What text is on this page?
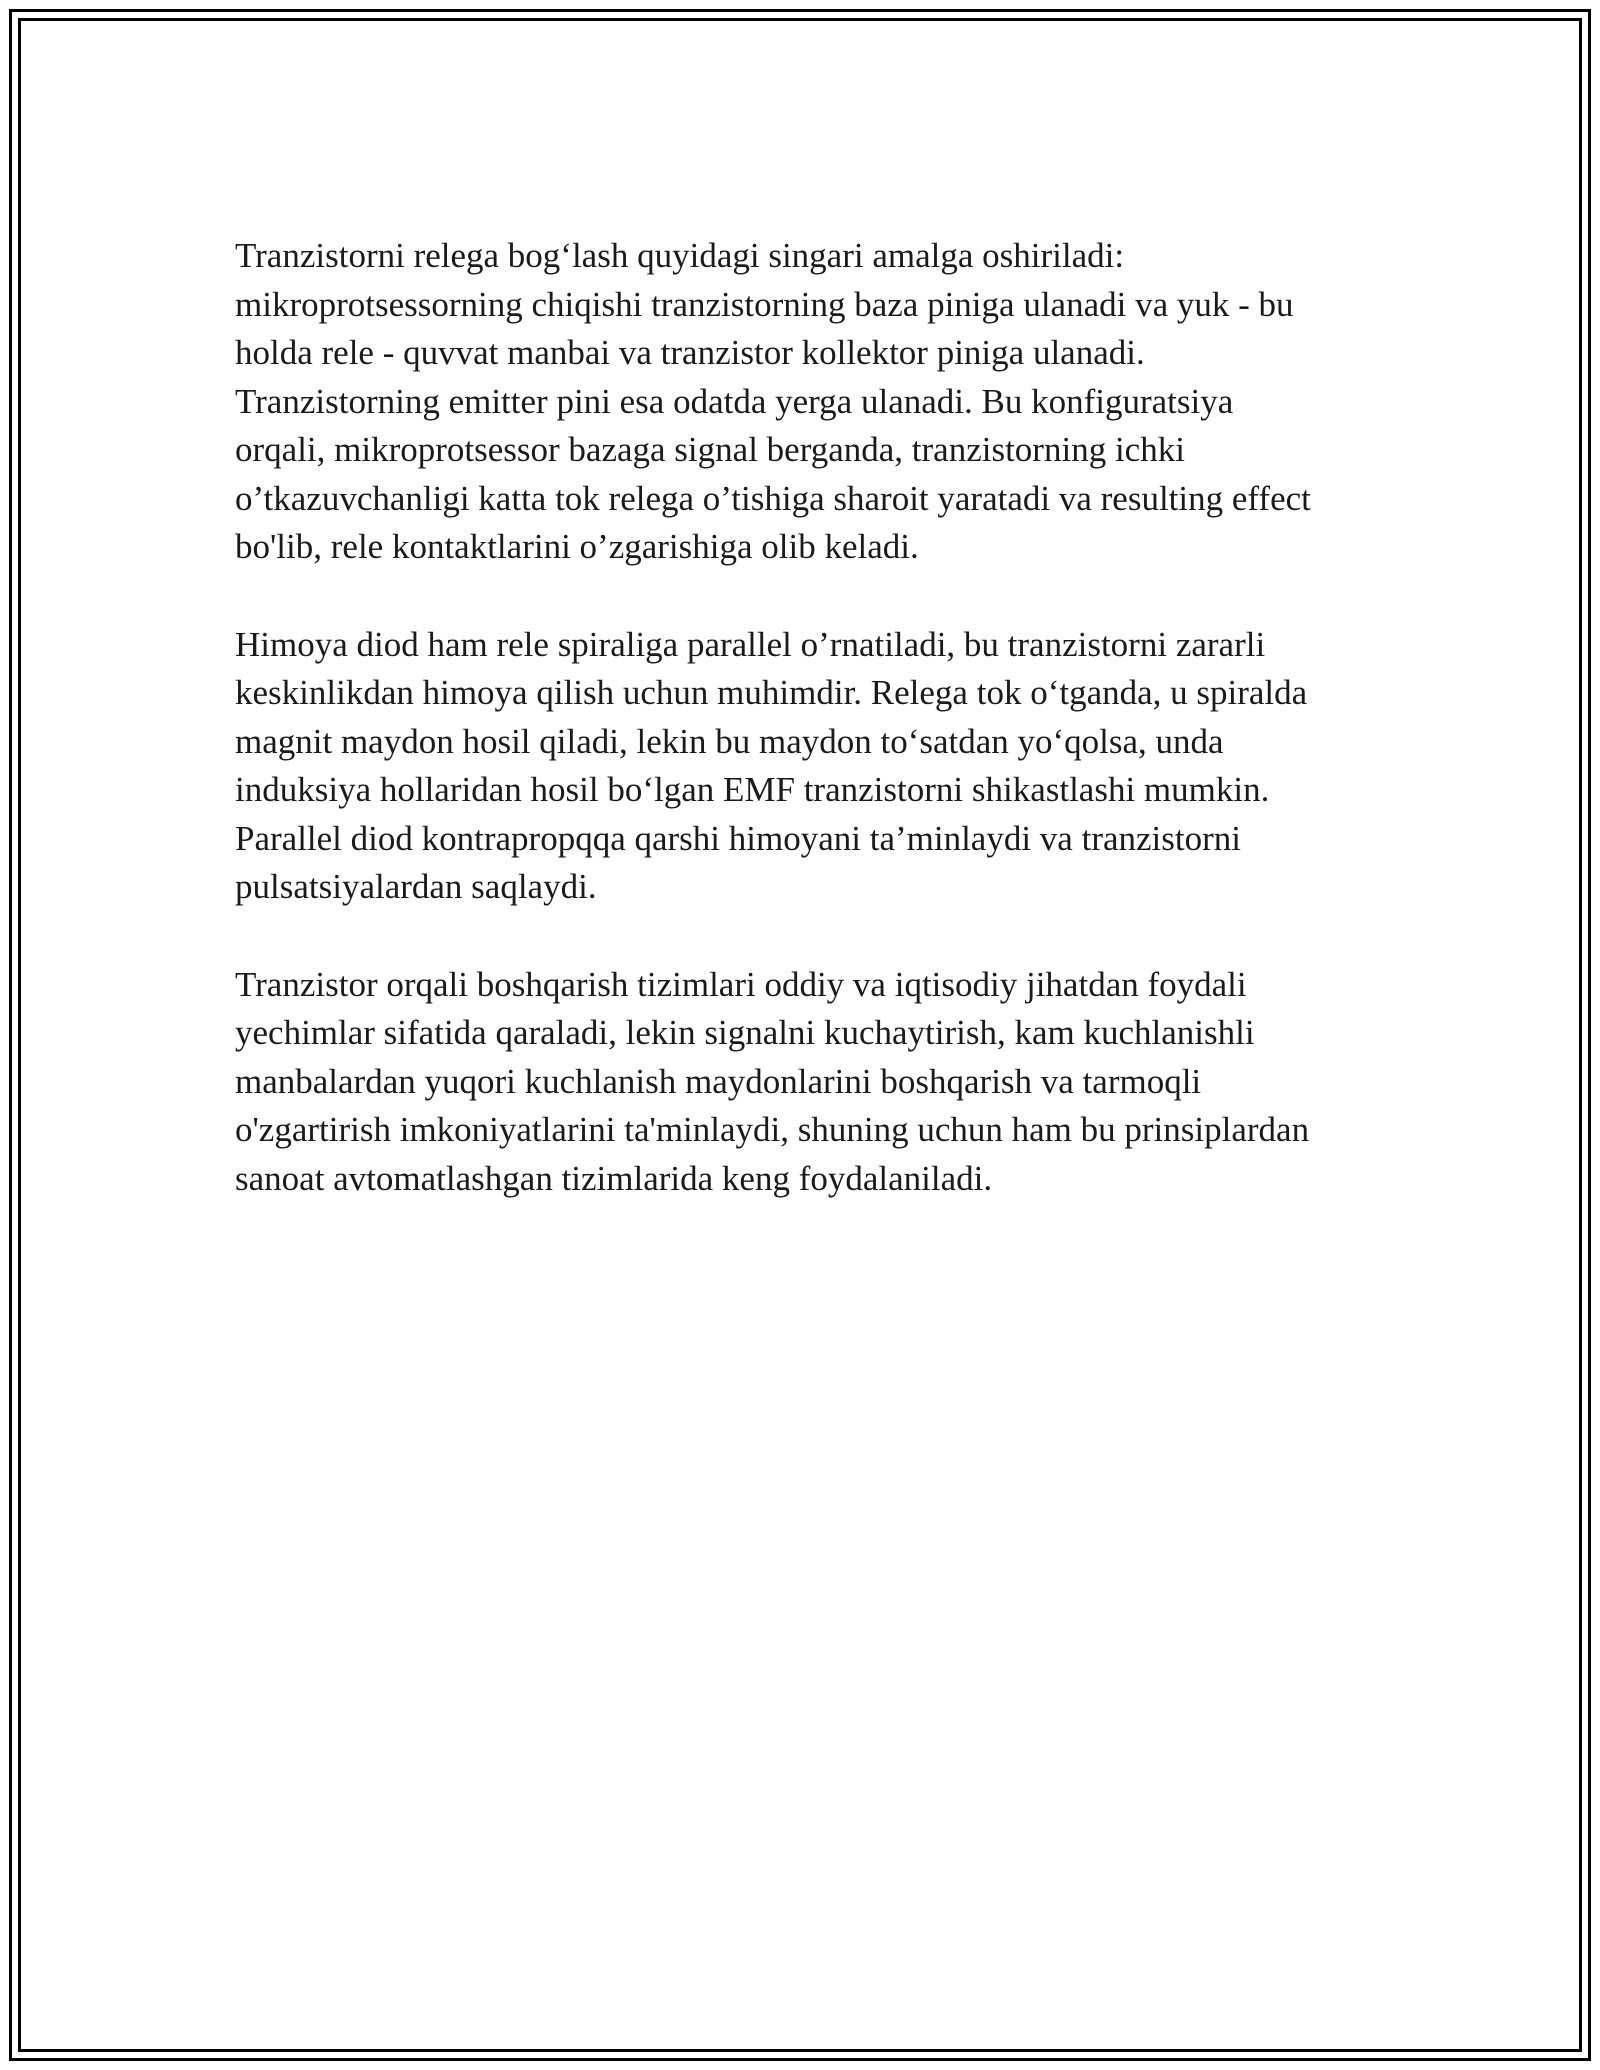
Tranzistorni relega bog‘lash quyidagi singari amalga oshiriladi:
mikroprotsessorning chiqishi tranzistorning baza piniga ulanadi va yuk - bu
holda rele - quvvat manbai va tranzistor kollektor piniga ulanadi.
Tranzistorning emitter pini esa odatda yerga ulanadi. Bu konfiguratsiya
orqali, mikroprotsessor bazaga signal berganda, tranzistorning ichki
o’tkazuvchanligi katta tok relega o’tishiga sharoit yaratadi va resulting effect
bo'lib, rele kontaktlarini o’zgarishiga olib keladi.

Himoya diod ham rele spiraliga parallel o’rnatiladi, bu tranzistorni zararli
keskinlikdan himoya qilish uchun muhimdir. Relega tok o‘tganda, u spiralda
magnit maydon hosil qiladi, lekin bu maydon to‘satdan yo‘qolsa, unda
induksiya hollaridan hosil bo‘lgan EMF tranzistorni shikastlashi mumkin.
Parallel diod kontrapropqqa qarshi himoyani ta’minlaydi va tranzistorni
pulsatsiyalardan saqlaydi.

Tranzistor orqali boshqarish tizimlari oddiy va iqtisodiy jihatdan foydali
yechimlar sifatida qaraladi, lekin signalni kuchaytirish, kam kuchlanishli
manbalardan yuqori kuchlanish maydonlarini boshqarish va tarmoqli
o'zgartirish imkoniyatlarini ta'minlaydi, shuning uchun ham bu prinsiplardan
sanoat avtomatlashgan tizimlarida keng foydalaniladi.
